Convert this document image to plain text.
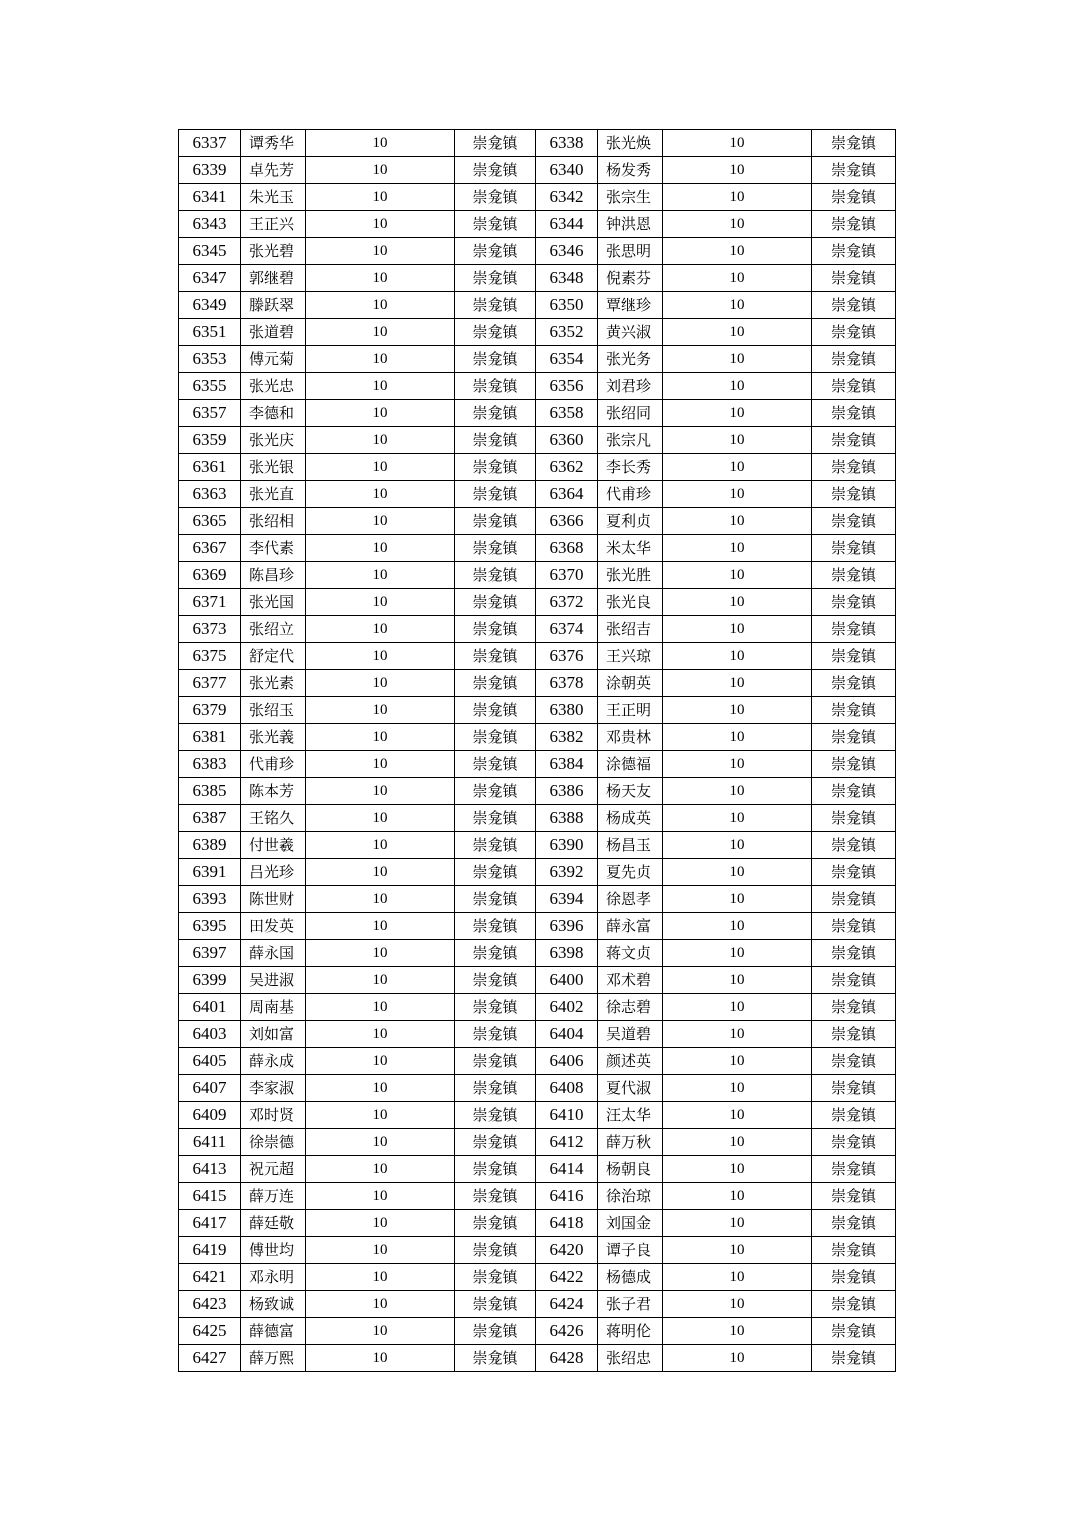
6337	谭秀华	10	崇龛镇	6338	张光焕	10	崇龛镇
6339	卓先芳	10	崇龛镇	6340	杨发秀	10	崇龛镇
6341	朱光玉	10	崇龛镇	6342	张宗生	10	崇龛镇
6343	王正兴	10	崇龛镇	6344	钟洪恩	10	崇龛镇
6345	张光碧	10	崇龛镇	6346	张思明	10	崇龛镇
6347	郭继碧	10	崇龛镇	6348	倪素芬	10	崇龛镇
6349	滕跃翠	10	崇龛镇	6350	覃继珍	10	崇龛镇
6351	张道碧	10	崇龛镇	6352	黄兴淑	10	崇龛镇
6353	傅元菊	10	崇龛镇	6354	张光务	10	崇龛镇
6355	张光忠	10	崇龛镇	6356	刘君珍	10	崇龛镇
6357	李德和	10	崇龛镇	6358	张绍同	10	崇龛镇
6359	张光庆	10	崇龛镇	6360	张宗凡	10	崇龛镇
6361	张光银	10	崇龛镇	6362	李长秀	10	崇龛镇
6363	张光直	10	崇龛镇	6364	代甫珍	10	崇龛镇
6365	张绍相	10	崇龛镇	6366	夏利贞	10	崇龛镇
6367	李代素	10	崇龛镇	6368	米太华	10	崇龛镇
6369	陈昌珍	10	崇龛镇	6370	张光胜	10	崇龛镇
6371	张光国	10	崇龛镇	6372	张光良	10	崇龛镇
6373	张绍立	10	崇龛镇	6374	张绍吉	10	崇龛镇
6375	舒定代	10	崇龛镇	6376	王兴琼	10	崇龛镇
6377	张光素	10	崇龛镇	6378	涂朝英	10	崇龛镇
6379	张绍玉	10	崇龛镇	6380	王正明	10	崇龛镇
6381	张光義	10	崇龛镇	6382	邓贵林	10	崇龛镇
6383	代甫珍	10	崇龛镇	6384	涂德福	10	崇龛镇
6385	陈本芳	10	崇龛镇	6386	杨天友	10	崇龛镇
6387	王铭久	10	崇龛镇	6388	杨成英	10	崇龛镇
6389	付世羲	10	崇龛镇	6390	杨昌玉	10	崇龛镇
6391	吕光珍	10	崇龛镇	6392	夏先贞	10	崇龛镇
6393	陈世财	10	崇龛镇	6394	徐恩孝	10	崇龛镇
6395	田发英	10	崇龛镇	6396	薛永富	10	崇龛镇
6397	薛永国	10	崇龛镇	6398	蒋文贞	10	崇龛镇
6399	吴进淑	10	崇龛镇	6400	邓术碧	10	崇龛镇
6401	周南基	10	崇龛镇	6402	徐志碧	10	崇龛镇
6403	刘如富	10	崇龛镇	6404	吴道碧	10	崇龛镇
6405	薛永成	10	崇龛镇	6406	颜述英	10	崇龛镇
6407	李家淑	10	崇龛镇	6408	夏代淑	10	崇龛镇
6409	邓时贤	10	崇龛镇	6410	汪太华	10	崇龛镇
6411	徐崇德	10	崇龛镇	6412	薛万秋	10	崇龛镇
6413	祝元超	10	崇龛镇	6414	杨朝良	10	崇龛镇
6415	薛万连	10	崇龛镇	6416	徐治琼	10	崇龛镇
6417	薛廷敬	10	崇龛镇	6418	刘国金	10	崇龛镇
6419	傅世均	10	崇龛镇	6420	谭子良	10	崇龛镇
6421	邓永明	10	崇龛镇	6422	杨德成	10	崇龛镇
6423	杨致诚	10	崇龛镇	6424	张子君	10	崇龛镇
6425	薛德富	10	崇龛镇	6426	蒋明伦	10	崇龛镇
6427	薛万熙	10	崇龛镇	6428	张绍忠	10	崇龛镇
